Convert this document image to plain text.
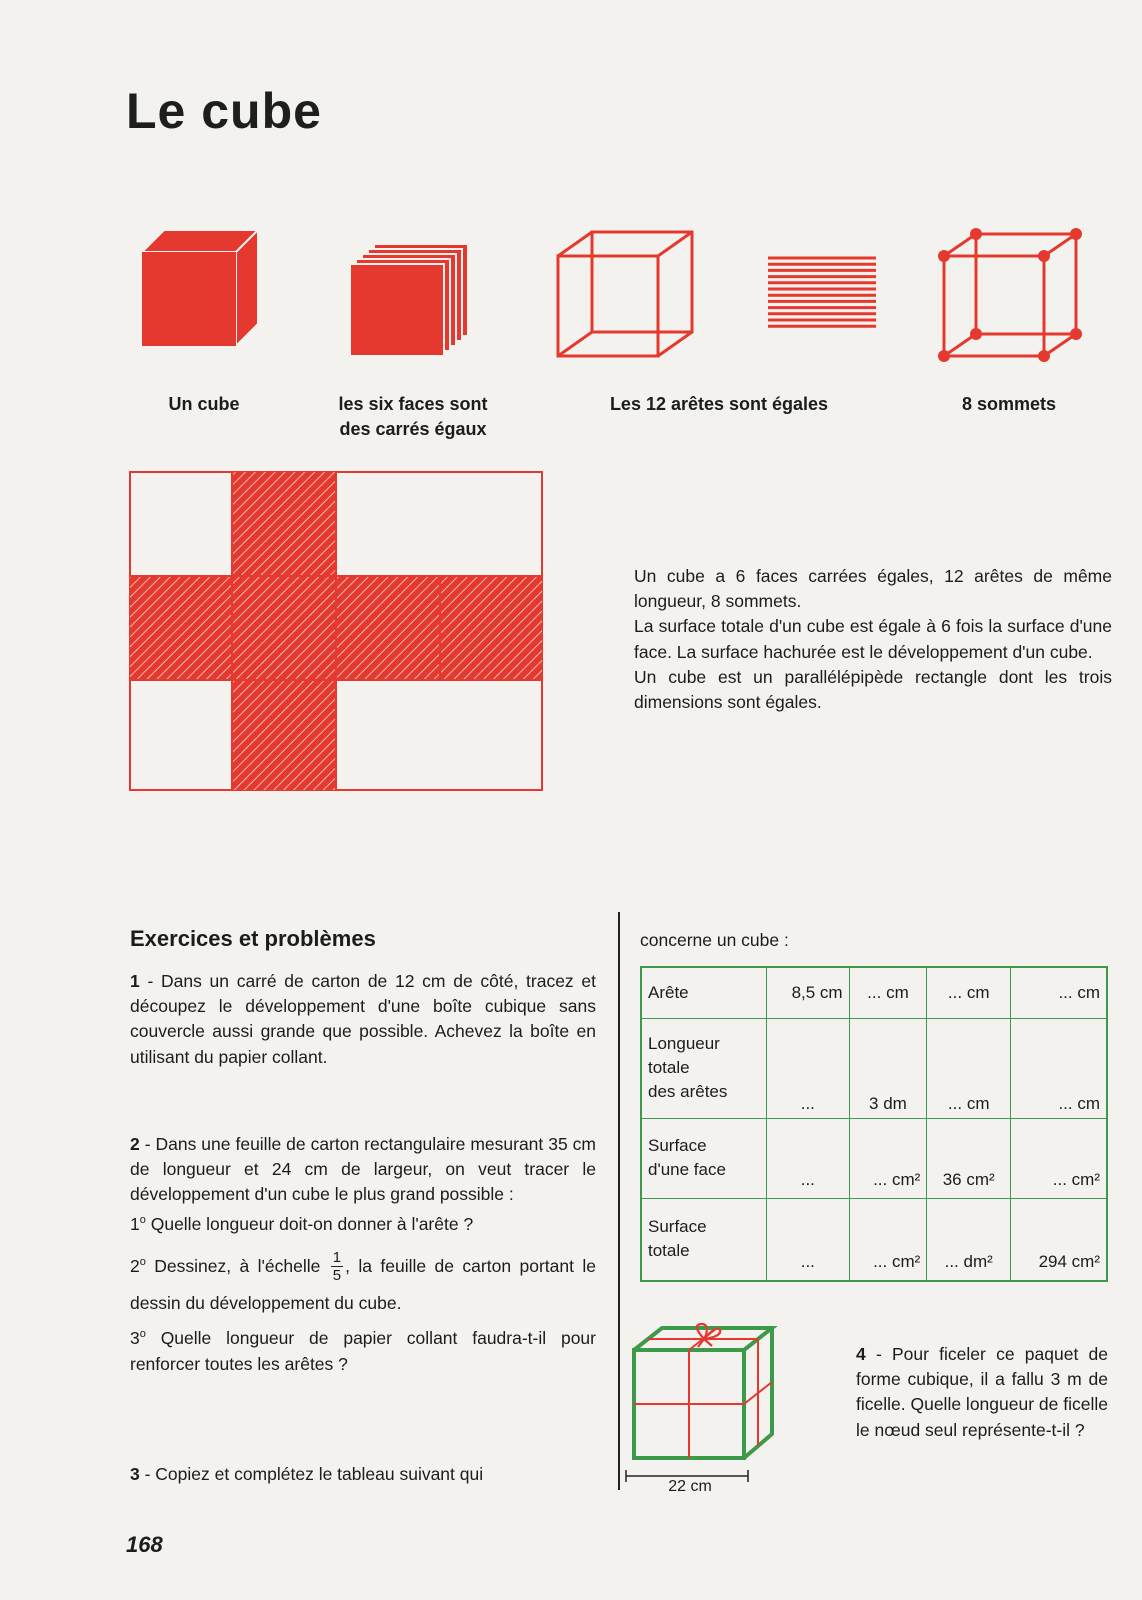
Le cube
Un cube	les six faces sont
des carrés égaux
Les 12 arêtes sont égales	8 sommets

Un cube a 6 faces carrées égales, 12 arêtes de même longueur, 8 sommets.

La surface totale d'un cube est égale à 6 fois la surface d'une face. La surface hachurée est le développement d'un cube.

Un cube est un parallélépipède rectangle dont les trois dimensions sont égales.

Exercices et problèmes

1 - Dans un carré de carton de 12 cm de côté, tracez et découpez le développement d'une boîte cubique sans couvercle aussi grande que possible. Achevez la boîte en utilisant du papier collant.

2 - Dans une feuille de carton rectangulaire mesurant 35 cm de longueur et 24 cm de largeur, on veut tracer le développement d'un cube le plus grand possible :

1$^o$ Quelle longueur doit-on donner à l'arête ?

2$^o$ Dessinez, à l'échelle $\frac{1}{5}$ , la feuille de carton portant le dessin du développement du cube.

3$^o$ Quelle longueur de papier collant faudra-t-il pour renforcer toutes les arêtes ?

3 - Copiez et complétez le tableau suivant qui

concerne un cube :
Arête	8,5 cm	... cm	... cm	... cm

Longueur
totale
des arêtes	...	3 dm	... cm	... cm

Surface
d'une face	...	... cm²	36 cm²	... cm²

Surface
totale	...	... cm²	... dm²	294 cm²
22 cm

4 - Pour ficeler ce paquet de forme cubique, il a fallu 3 m de ficelle. Quelle longueur de ficelle le nœud seul représente-t-il ?

168
